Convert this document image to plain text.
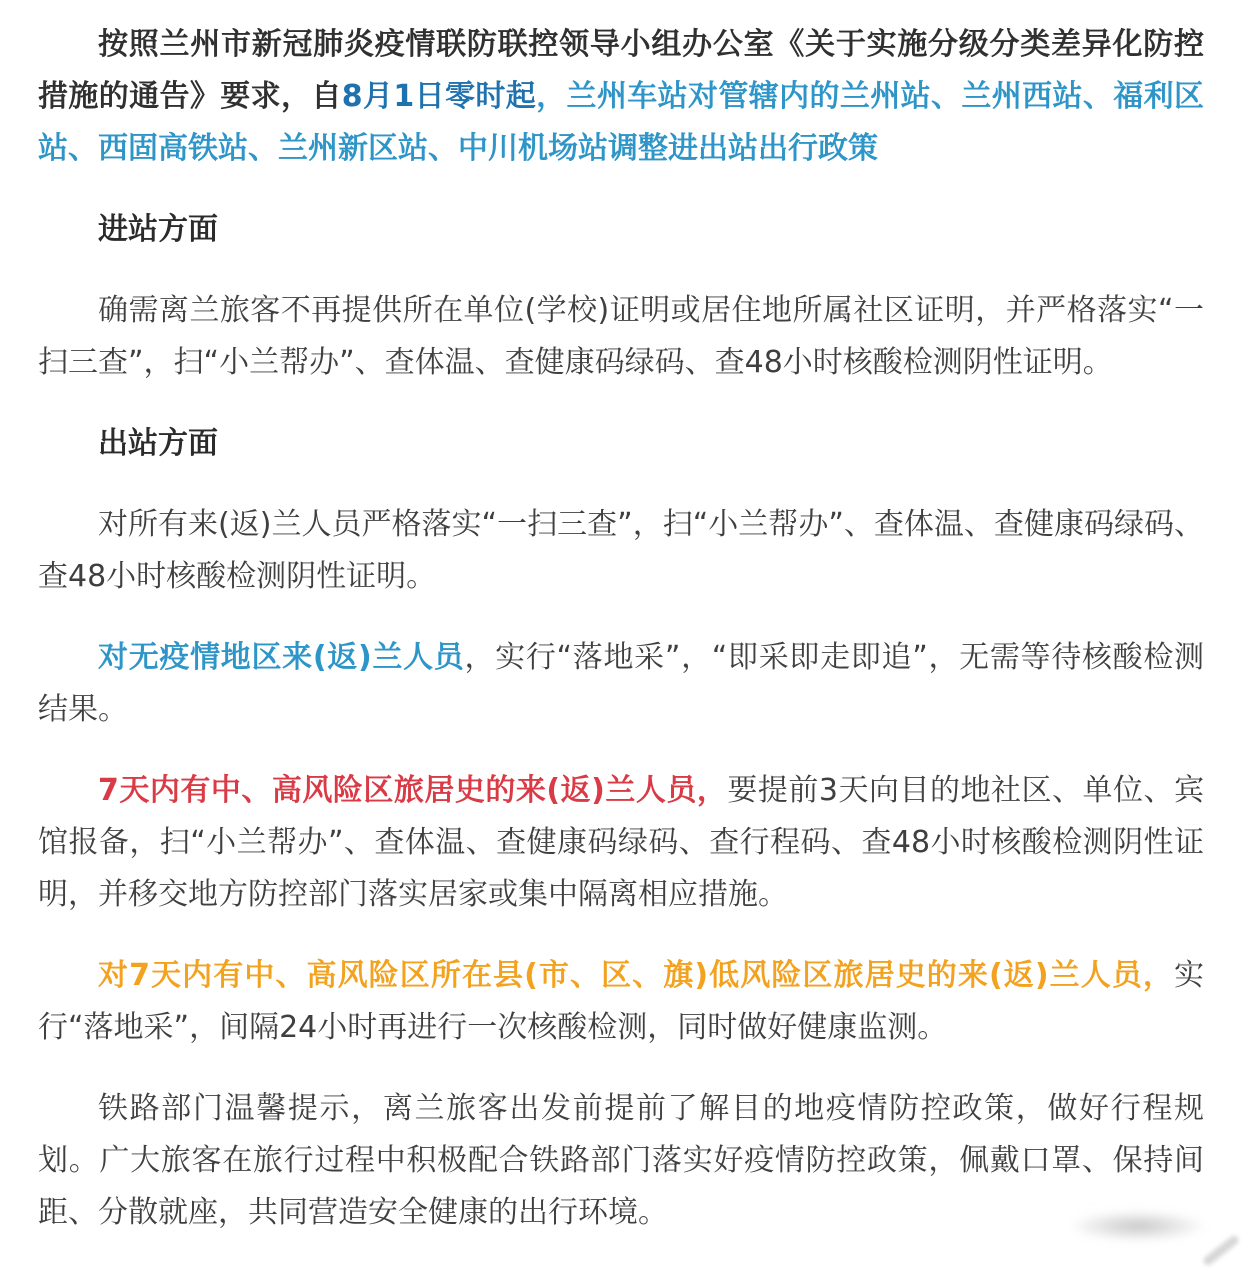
按照兰州市新冠肺炎疫情联防联控领导小组办公室《关于实施分级分类差异化防控措施的通告》要求，自8月1日零时起，兰州车站对管辖内的兰州站、兰州西站、福利区站、西固高铁站、兰州新区站、中川机场站调整进出站出行政策

进站方面

确需离兰旅客不再提供所在单位(学校)证明或居住地所属社区证明，并严格落实“一扫三查”，扫“小兰帮办”、查体温、查健康码绿码、查48小时核酸检测阴性证明。

出站方面

对所有来(返)兰人员严格落实“一扫三查”，扫“小兰帮办”、查体温、查健康码绿码、查48小时核酸检测阴性证明。

对无疫情地区来(返)兰人员，实行“落地采”，“即采即走即追”，无需等待核酸检测结果。

7天内有中、高风险区旅居史的来(返)兰人员，要提前3天向目的地社区、单位、宾馆报备，扫“小兰帮办”、查体温、查健康码绿码、查行程码、查48小时核酸检测阴性证明，并移交地方防控部门落实居家或集中隔离相应措施。

对7天内有中、高风险区所在县(市、区、旗)低风险区旅居史的来(返)兰人员，实行“落地采”，间隔24小时再进行一次核酸检测，同时做好健康监测。

铁路部门温馨提示，离兰旅客出发前提前了解目的地疫情防控政策，做好行程规划。广大旅客在旅行过程中积极配合铁路部门落实好疫情防控政策，佩戴口罩、保持间距、分散就座，共同营造安全健康的出行环境。
